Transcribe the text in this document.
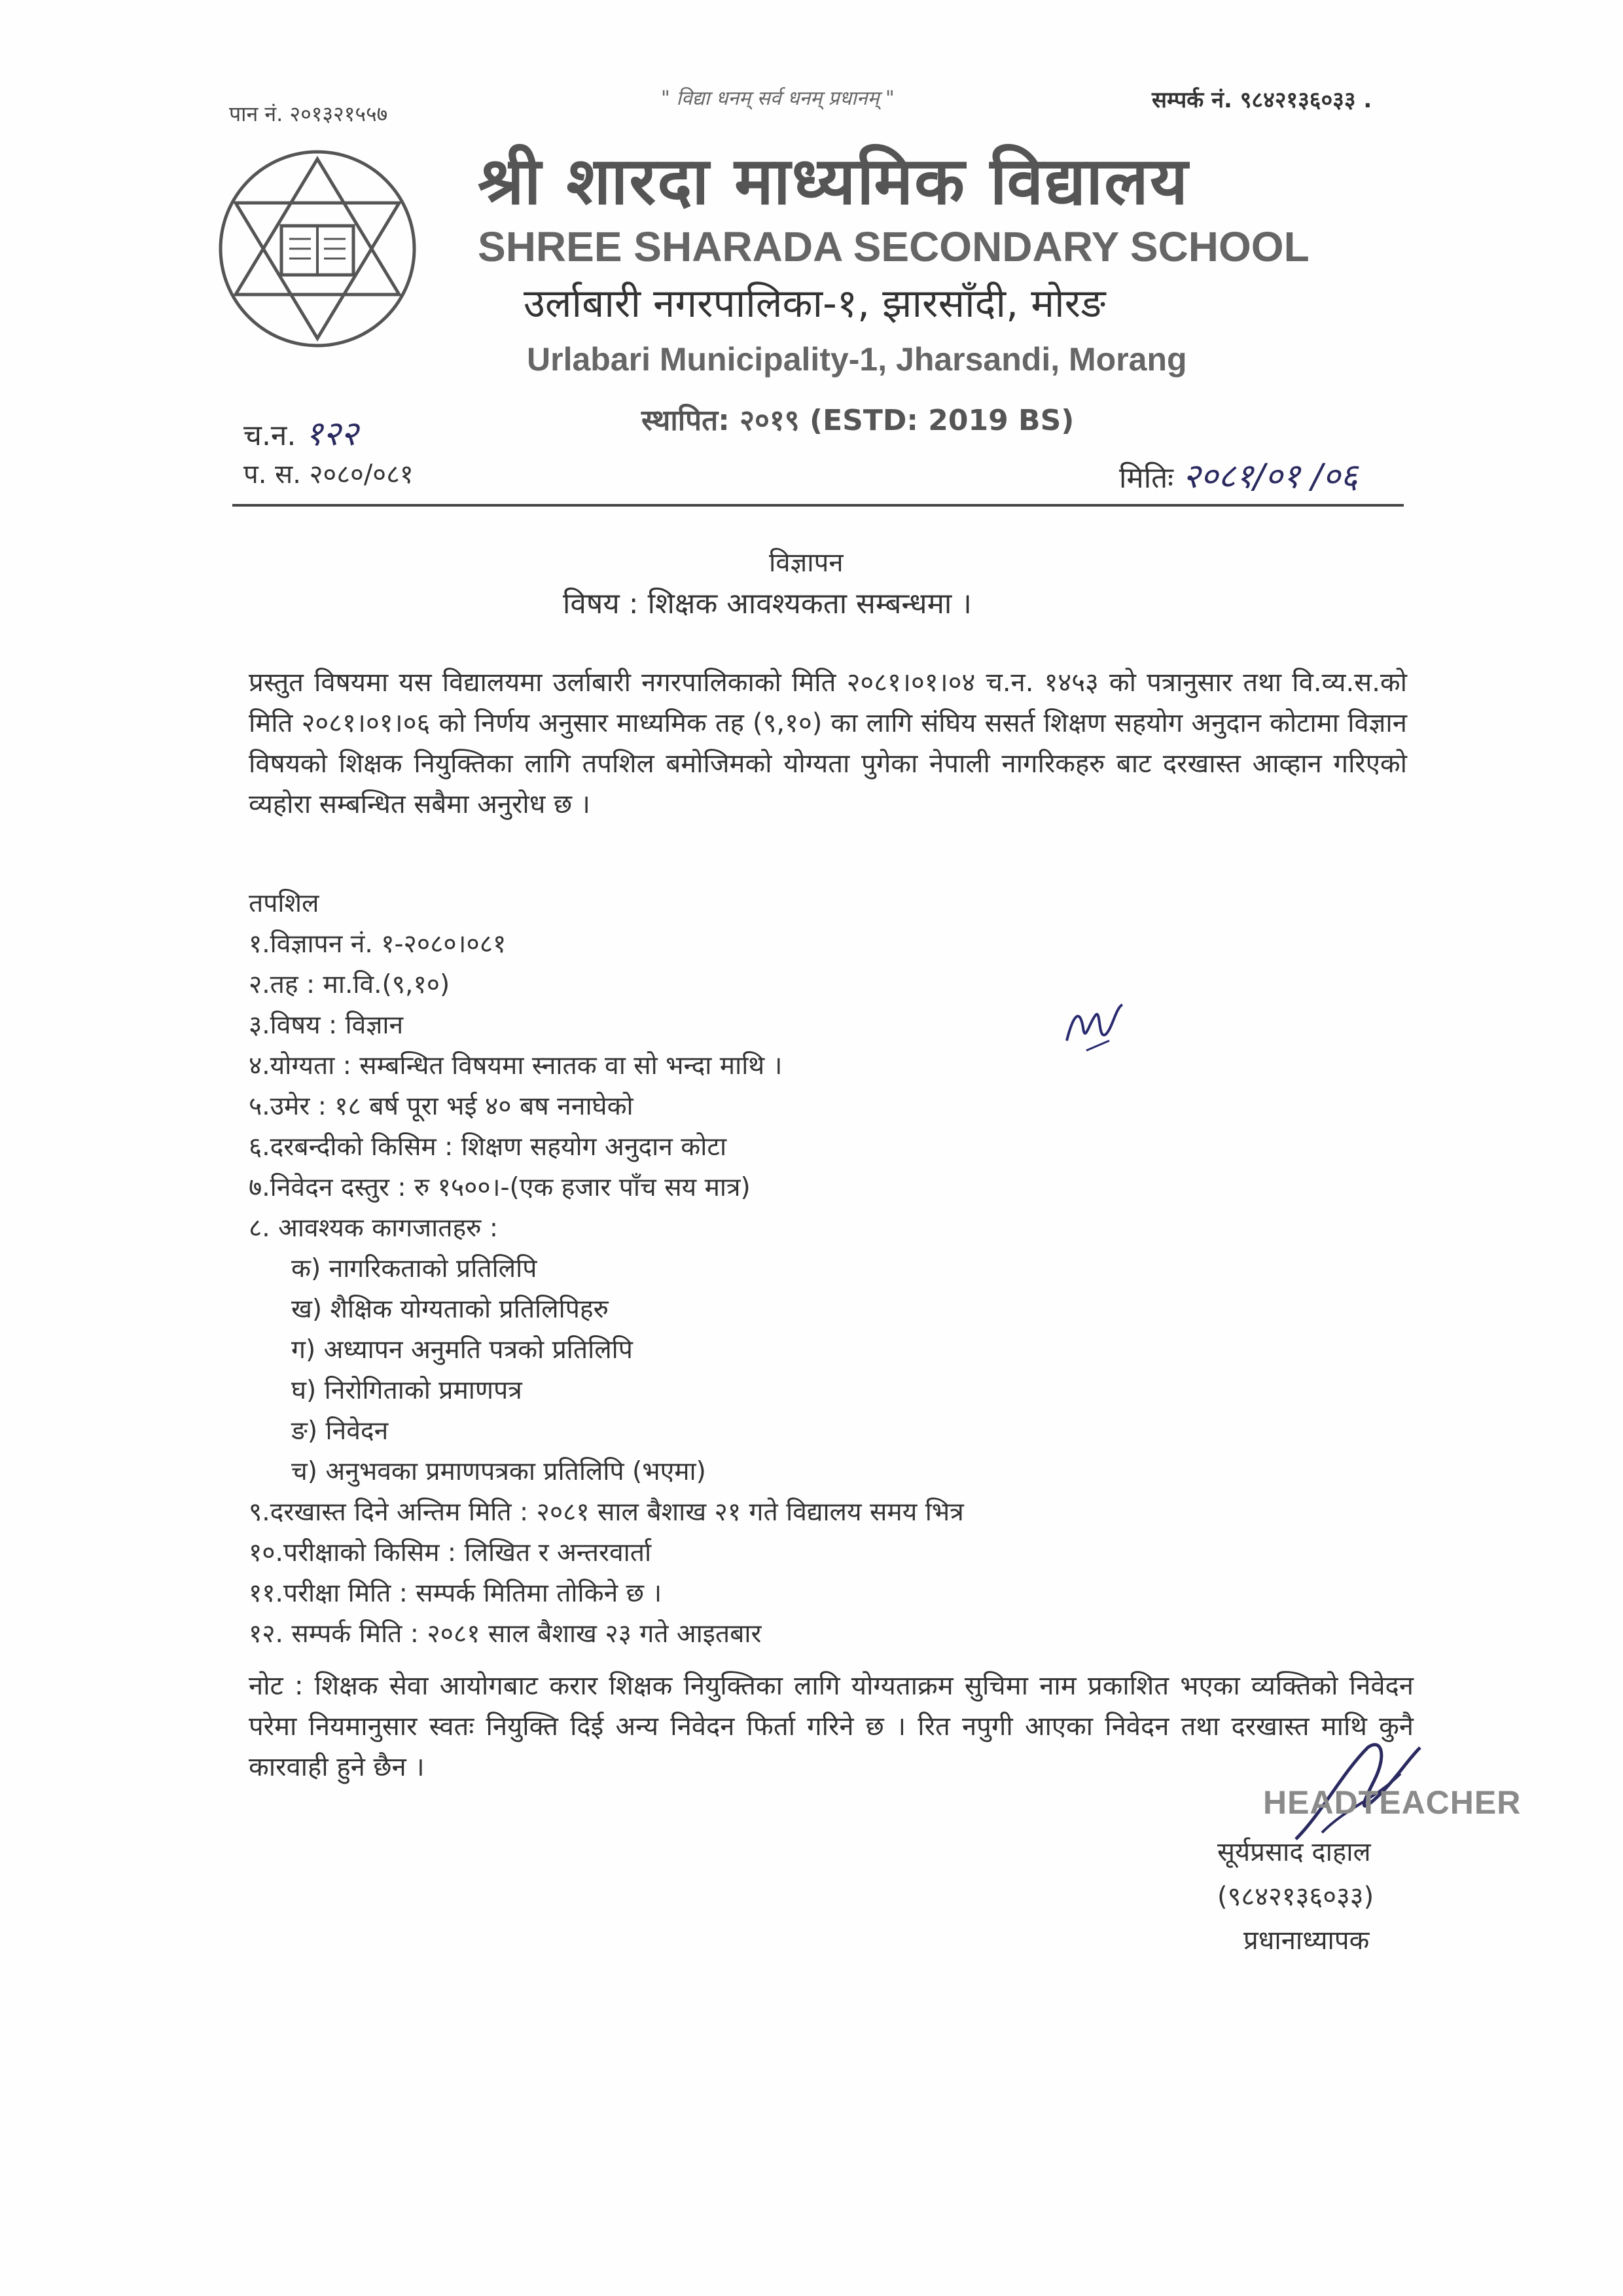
पान नं. २०१३२१५५७
" विद्या धनम् सर्व धनम् प्रधानम् "	सम्पर्क नं. ९८४२१३६०३३ .
श्री शारदा माध्यमिक विद्यालय
SHREE SHARADA SECONDARY SCHOOL
उर्लाबारी नगरपालिका-१, झारसाँदी, मोरङ
Urlabari Municipality-1, Jharsandi, Morang
स्थापित: २०१९ (ESTD: 2019 BS)
च.न. १२२
प. स. २०८०/०८१	मितिः २०८१/०१ /०६
विज्ञापन
विषय : शिक्षक आवश्यकता सम्बन्धमा ।
प्रस्तुत विषयमा यस विद्यालयमा उर्लाबारी नगरपालिकाको मिति २०८१।०१।०४ च.न. १४५३ को पत्रानुसार तथा वि.व्य.स.को मिति २०८१।०१।०६ को निर्णय अनुसार माध्यमिक तह (९,१०) का लागि संघिय ससर्त शिक्षण सहयोग अनुदान कोटामा विज्ञान विषयको शिक्षक नियुक्तिका लागि तपशिल बमोजिमको योग्यता पुगेका नेपाली नागरिकहरु बाट दरखास्त आव्हान गरिएको व्यहोरा सम्बन्धित सबैमा अनुरोध छ ।
तपशिल
१.विज्ञापन नं. १-२०८०।०८१
२.तह : मा.वि.(९,१०)
३.विषय : विज्ञान
४.योग्यता : सम्बन्धित विषयमा स्नातक वा सो भन्दा माथि ।
५.उमेर : १८ बर्ष पूरा भई ४० बष ननाघेको
६.दरबन्दीको किसिम : शिक्षण सहयोग अनुदान कोटा
७.निवेदन दस्तुर : रु १५००।-(एक हजार पाँच सय मात्र)
८. आवश्यक कागजातहरु :
क) नागरिकताको प्रतिलिपि
ख) शैक्षिक योग्यताको प्रतिलिपिहरु
ग) अध्यापन अनुमति पत्रको प्रतिलिपि
घ) निरोगिताको प्रमाणपत्र
ङ) निवेदन
च) अनुभवका प्रमाणपत्रका प्रतिलिपि (भएमा)
९.दरखास्त दिने अन्तिम मिति : २०८१ साल बैशाख २१ गते विद्यालय समय भित्र
१०.परीक्षाको किसिम : लिखित र अन्तरवार्ता
११.परीक्षा मिति : सम्पर्क मितिमा तोकिने छ ।
१२. सम्पर्क मिति : २०८१ साल बैशाख २३ गते आइतबार
नोट : शिक्षक सेवा आयोगबाट करार शिक्षक नियुक्तिका लागि योग्यताक्रम सुचिमा नाम प्रकाशित भएका व्यक्तिको निवेदन परेमा नियमानुसार स्वतः नियुक्ति दिई अन्य निवेदन फिर्ता गरिने छ । रित नपुगी आएका निवेदन तथा दरखास्त माथि कुनै कारवाही हुने छैन ।
HEADTEACHER
सूर्यप्रसाद दाहाल
(९८४२१३६०३३)
प्रधानाध्यापक
